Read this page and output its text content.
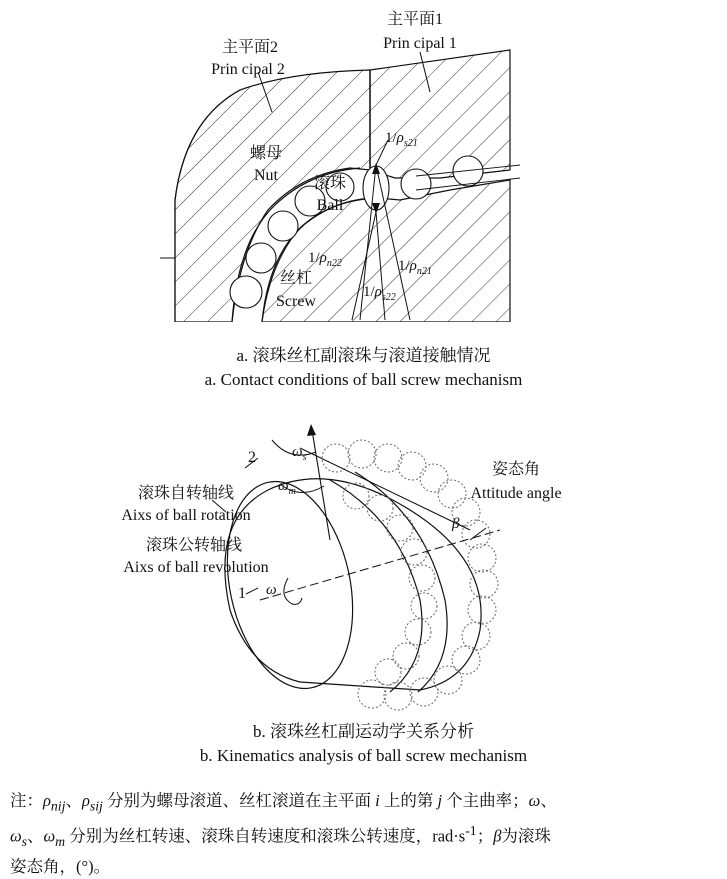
主平面2
Prin cipal 2
主平面1
Prin cipal 1
螺母
Nut 滚珠
Ball
丝杠
Screw
$1/\rho_{s21}$
$1/\rho_{n22}$	$1/\rho_{n21}$
$1/\rho_{s22}$
a. 滚珠丝杠副滚珠与滚道接触情况
a. Contact conditions of ball screw mechanism
姿态角
Attitude angle
滚珠自转轴线
Aixs of ball rotation
滚珠公转轴线
Aixs of ball revolution
2
1
$\omega_s$
$\omega_m$
ω
β
b. 滚珠丝杠副运动学关系分析
b. Kinematics analysis of ball screw mechanism
注：$\rho_{nij}$、$\rho_{sij}$ 分别为螺母滚道、丝杠滚道在主平面 i 上的第 j 个主曲率；ω、
$\omega_s$、$\omega_m$ 分别为丝杠转速、滚珠自转速度和滚珠公转速度，$rad\cdot s^{-1}$；β为滚珠
姿态角，(°)。
